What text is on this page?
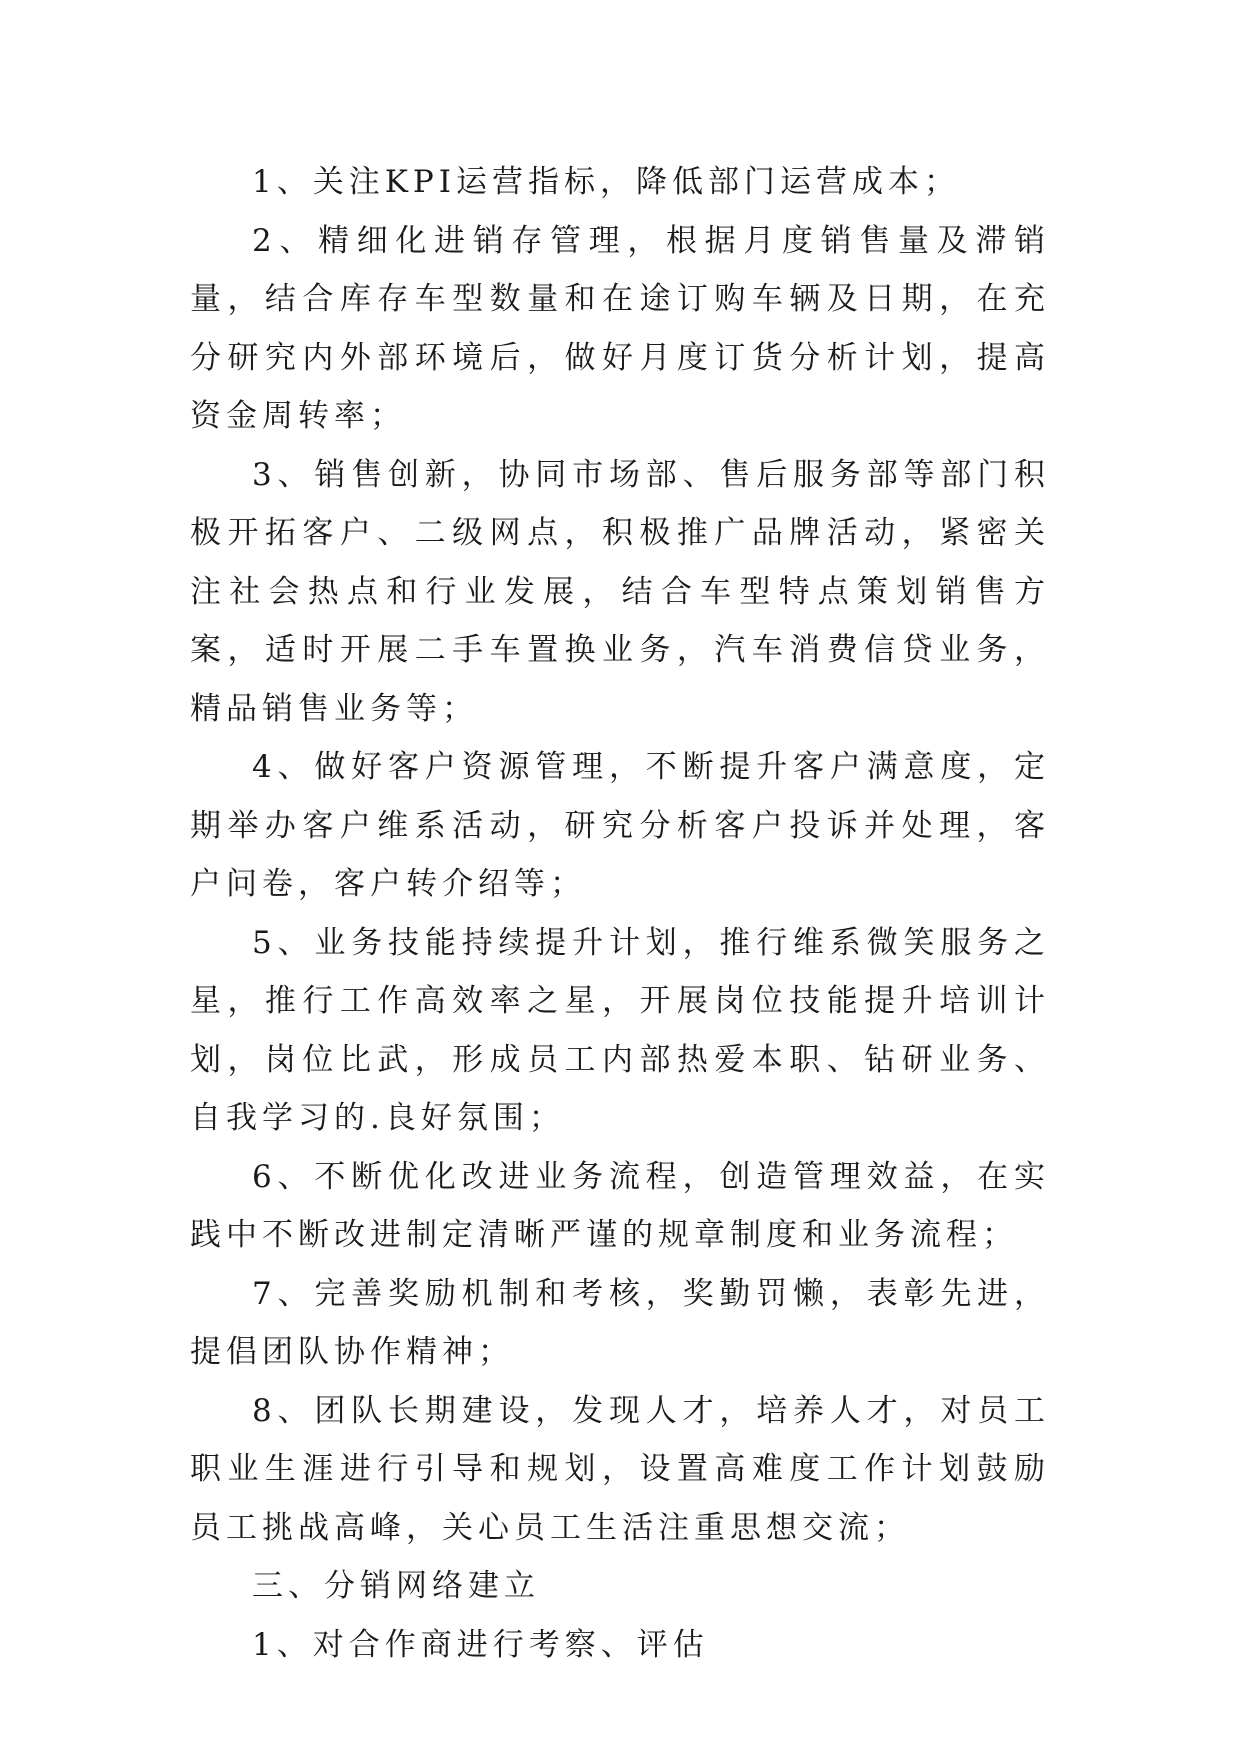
1、关注KPI运营指标，降低部门运营成本；

2、精细化进销存管理，根据月度销售量及滞销量，结合库存车型数量和在途订购车辆及日期，在充分研究内外部环境后，做好月度订货分析计划，提高资金周转率；

3、销售创新，协同市场部、售后服务部等部门积极开拓客户、二级网点，积极推广品牌活动，紧密关注社会热点和行业发展，结合车型特点策划销售方案，适时开展二手车置换业务，汽车消费信贷业务，精品销售业务等；

4、做好客户资源管理，不断提升客户满意度，定期举办客户维系活动，研究分析客户投诉并处理，客户问卷，客户转介绍等；

5、业务技能持续提升计划，推行维系微笑服务之星，推行工作高效率之星，开展岗位技能提升培训计划，岗位比武，形成员工内部热爱本职、钻研业务、自我学习的.良好氛围；

6、不断优化改进业务流程，创造管理效益，在实践中不断改进制定清晰严谨的规章制度和业务流程；

7、完善奖励机制和考核，奖勤罚懒，表彰先进，提倡团队协作精神；

8、团队长期建设，发现人才，培养人才，对员工职业生涯进行引导和规划，设置高难度工作计划鼓励员工挑战高峰，关心员工生活注重思想交流；

三、分销网络建立

1、对合作商进行考察、评估
